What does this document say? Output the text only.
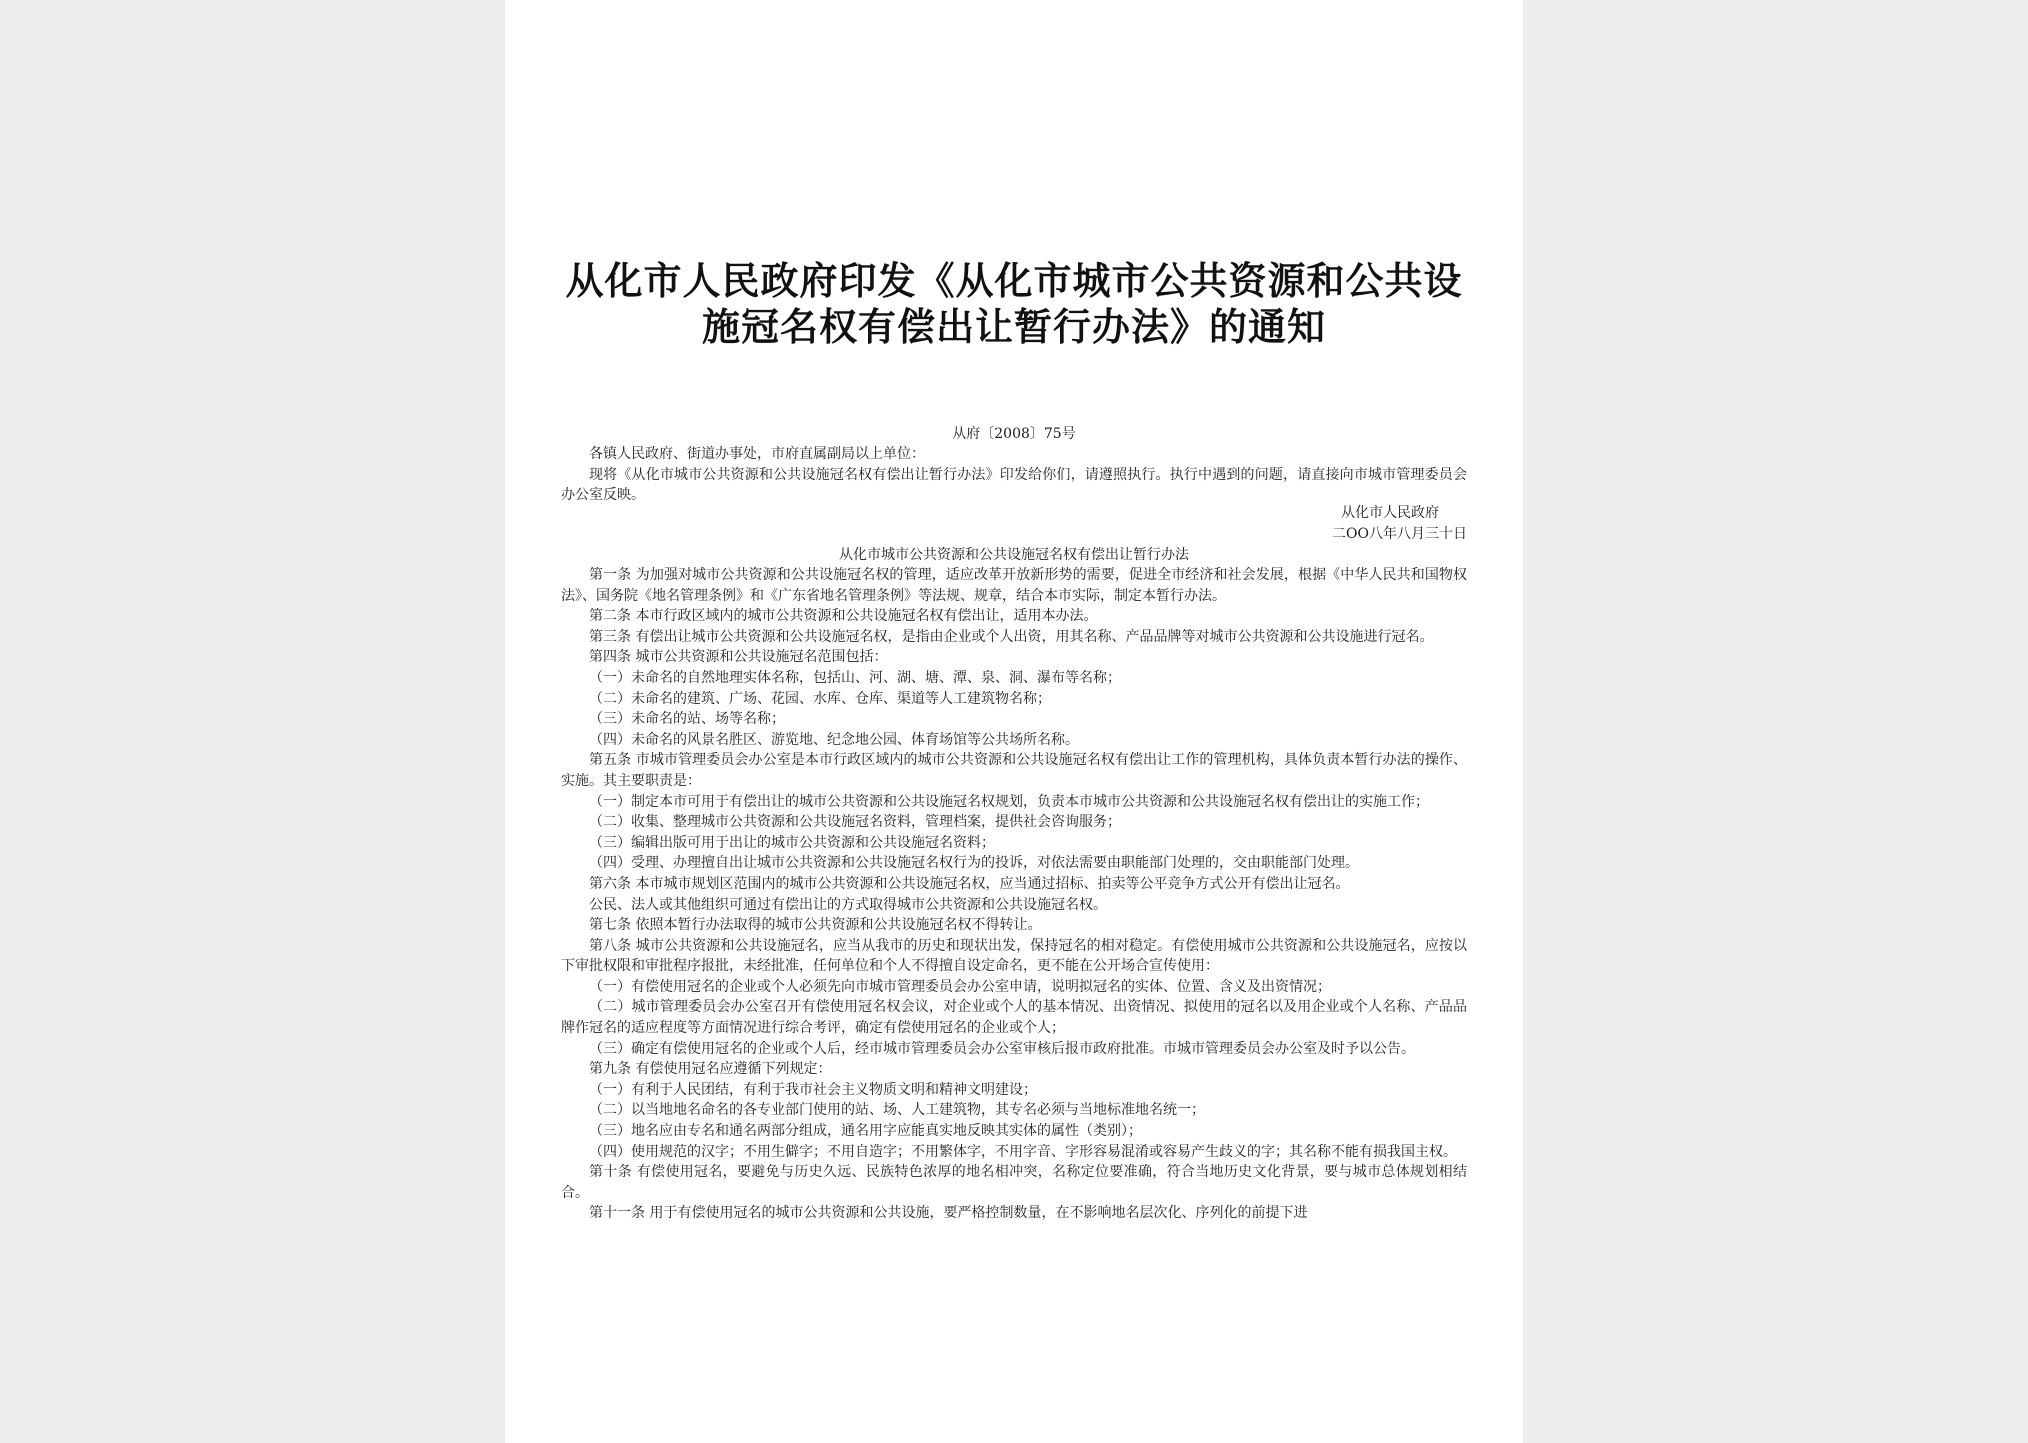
从化市人民政府印发《从化市城市公共资源和公共设
施冠名权有偿出让暂行办法》的通知
从府〔2008〕75号

各镇人民政府、街道办事处，市府直属副局以上单位：

现将《从化市城市公共资源和公共设施冠名权有偿出让暂行办法》印发给你们，请遵照执行。执行中遇到的问题，请直接向市城市管理委员会办公室反映。

从化市人民政府
二OO八年八月三十日
从化市城市公共资源和公共设施冠名权有偿出让暂行办法

第一条 为加强对城市公共资源和公共设施冠名权的管理，适应改革开放新形势的需要，促进全市经济和社会发展，根据《中华人民共和国物权法》、国务院《地名管理条例》和《广东省地名管理条例》等法规、规章，结合本市实际，制定本暂行办法。

第二条 本市行政区域内的城市公共资源和公共设施冠名权有偿出让，适用本办法。

第三条 有偿出让城市公共资源和公共设施冠名权，是指由企业或个人出资，用其名称、产品品牌等对城市公共资源和公共设施进行冠名。

第四条 城市公共资源和公共设施冠名范围包括：

（一）未命名的自然地理实体名称，包括山、河、湖、塘、潭、泉、洞、瀑布等名称；

（二）未命名的建筑、广场、花园、水库、仓库、渠道等人工建筑物名称；

（三）未命名的站、场等名称；

（四）未命名的风景名胜区、游览地、纪念地公园、体育场馆等公共场所名称。

第五条 市城市管理委员会办公室是本市行政区域内的城市公共资源和公共设施冠名权有偿出让工作的管理机构，具体负责本暂行办法的操作、实施。其主要职责是：

（一）制定本市可用于有偿出让的城市公共资源和公共设施冠名权规划，负责本市城市公共资源和公共设施冠名权有偿出让的实施工作；

（二）收集、整理城市公共资源和公共设施冠名资料，管理档案，提供社会咨询服务；

（三）编辑出版可用于出让的城市公共资源和公共设施冠名资料；

（四）受理、办理擅自出让城市公共资源和公共设施冠名权行为的投诉，对依法需要由职能部门处理的，交由职能部门处理。

第六条 本市城市规划区范围内的城市公共资源和公共设施冠名权，应当通过招标、拍卖等公平竞争方式公开有偿出让冠名。

公民、法人或其他组织可通过有偿出让的方式取得城市公共资源和公共设施冠名权。

第七条 依照本暂行办法取得的城市公共资源和公共设施冠名权不得转让。

第八条 城市公共资源和公共设施冠名，应当从我市的历史和现状出发，保持冠名的相对稳定。有偿使用城市公共资源和公共设施冠名，应按以下审批权限和审批程序报批，未经批准，任何单位和个人不得擅自设定命名，更不能在公开场合宣传使用：

（一）有偿使用冠名的企业或个人必须先向市城市管理委员会办公室申请，说明拟冠名的实体、位置、含义及出资情况；

（二）城市管理委员会办公室召开有偿使用冠名权会议，对企业或个人的基本情况、出资情况、拟使用的冠名以及用企业或个人名称、产品品牌作冠名的适应程度等方面情况进行综合考评，确定有偿使用冠名的企业或个人；

（三）确定有偿使用冠名的企业或个人后，经市城市管理委员会办公室审核后报市政府批准。市城市管理委员会办公室及时予以公告。

第九条 有偿使用冠名应遵循下列规定：

（一）有利于人民团结，有利于我市社会主义物质文明和精神文明建设；

（二）以当地地名命名的各专业部门使用的站、场、人工建筑物，其专名必须与当地标准地名统一；

（三）地名应由专名和通名两部分组成，通名用字应能真实地反映其实体的属性（类别）；

（四）使用规范的汉字；不用生僻字；不用自造字；不用繁体字，不用字音、字形容易混淆或容易产生歧义的字；其名称不能有损我国主权。

第十条 有偿使用冠名，要避免与历史久远、民族特色浓厚的地名相冲突，名称定位要准确，符合当地历史文化背景，要与城市总体规划相结合。

第十一条 用于有偿使用冠名的城市公共资源和公共设施，要严格控制数量，在不影响地名层次化、序列化的前提下进
